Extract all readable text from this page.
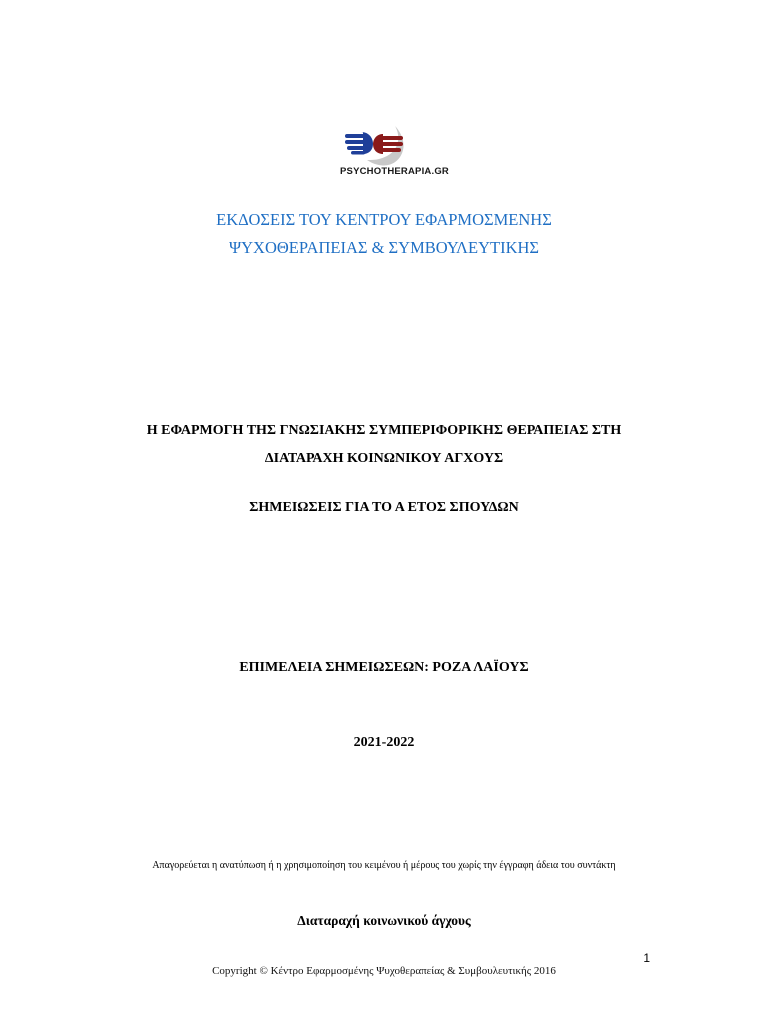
PSYCHOTHERAPIA.GR
ΕΚΔΟΣΕΙΣ ΤΟΥ ΚΕΝΤΡΟΥ ΕΦΑΡΜΟΣΜΕΝΗΣ
ΨΥΧΟΘΕΡΑΠΕΙΑΣ & ΣΥΜΒΟΥΛΕΥΤΙΚΗΣ
Η ΕΦΑΡΜΟΓΗ ΤΗΣ ΓΝΩΣΙΑΚΗΣ ΣΥΜΠΕΡΙΦΟΡΙΚΗΣ ΘΕΡΑΠΕΙΑΣ ΣΤΗ
ΔΙΑΤΑΡΑΧΗ ΚΟΙΝΩΝΙΚΟΥ ΑΓΧΟΥΣ
ΣΗΜΕΙΩΣΕΙΣ ΓΙΑ ΤΟ Α ΕΤΟΣ ΣΠΟΥΔΩΝ
ΕΠΙΜΕΛΕΙΑ ΣΗΜΕΙΩΣΕΩΝ: ΡΟΖΑ ΛΑΪΟΥΣ
2021-2022
Απαγορεύεται η ανατύπωση ή η χρησιμοποίηση του κειμένου ή μέρους του χωρίς την έγγραφη άδεια του συντάκτη
Διαταραχή κοινωνικού άγχους
1
Copyright © Κέντρο Εφαρμοσμένης Ψυχοθεραπείας & Συμβουλευτικής 2016
